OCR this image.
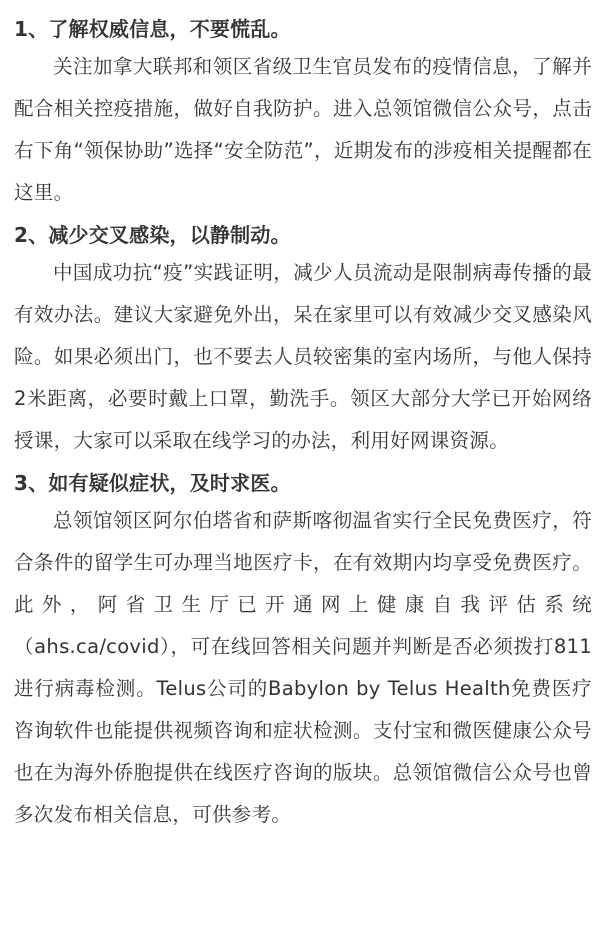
1、了解权威信息，不要慌乱。

关注加拿大联邦和领区省级卫生官员发布的疫情信息，了解并配合相关控疫措施，做好自我防护。进入总领馆微信公众号，点击右下角“领保协助”选择“安全防范”，近期发布的涉疫相关提醒都在这里。

2、减少交叉感染，以静制动。

中国成功抗“疫”实践证明，减少人员流动是限制病毒传播的最有效办法。建议大家避免外出，呆在家里可以有效减少交叉感染风险。如果必须出门，也不要去人员较密集的室内场所，与他人保持2米距离，必要时戴上口罩，勤洗手。领区大部分大学已开始网络授课，大家可以采取在线学习的办法，利用好网课资源。

3、如有疑似症状，及时求医。

总领馆领区阿尔伯塔省和萨斯喀彻温省实行全民免费医疗，符合条件的留学生可办理当地医疗卡，在有效期内均享受免费医疗。此外，阿省卫生厅已开通网上健康自我评估系统（ahs.ca/covid），可在线回答相关问题并判断是否必须拨打811进行病毒检测。Telus公司的Babylon by Telus Health免费医疗咨询软件也能提供视频咨询和症状检测。支付宝和微医健康公众号也在为海外侨胞提供在线医疗咨询的版块。总领馆微信公众号也曾多次发布相关信息，可供参考。
